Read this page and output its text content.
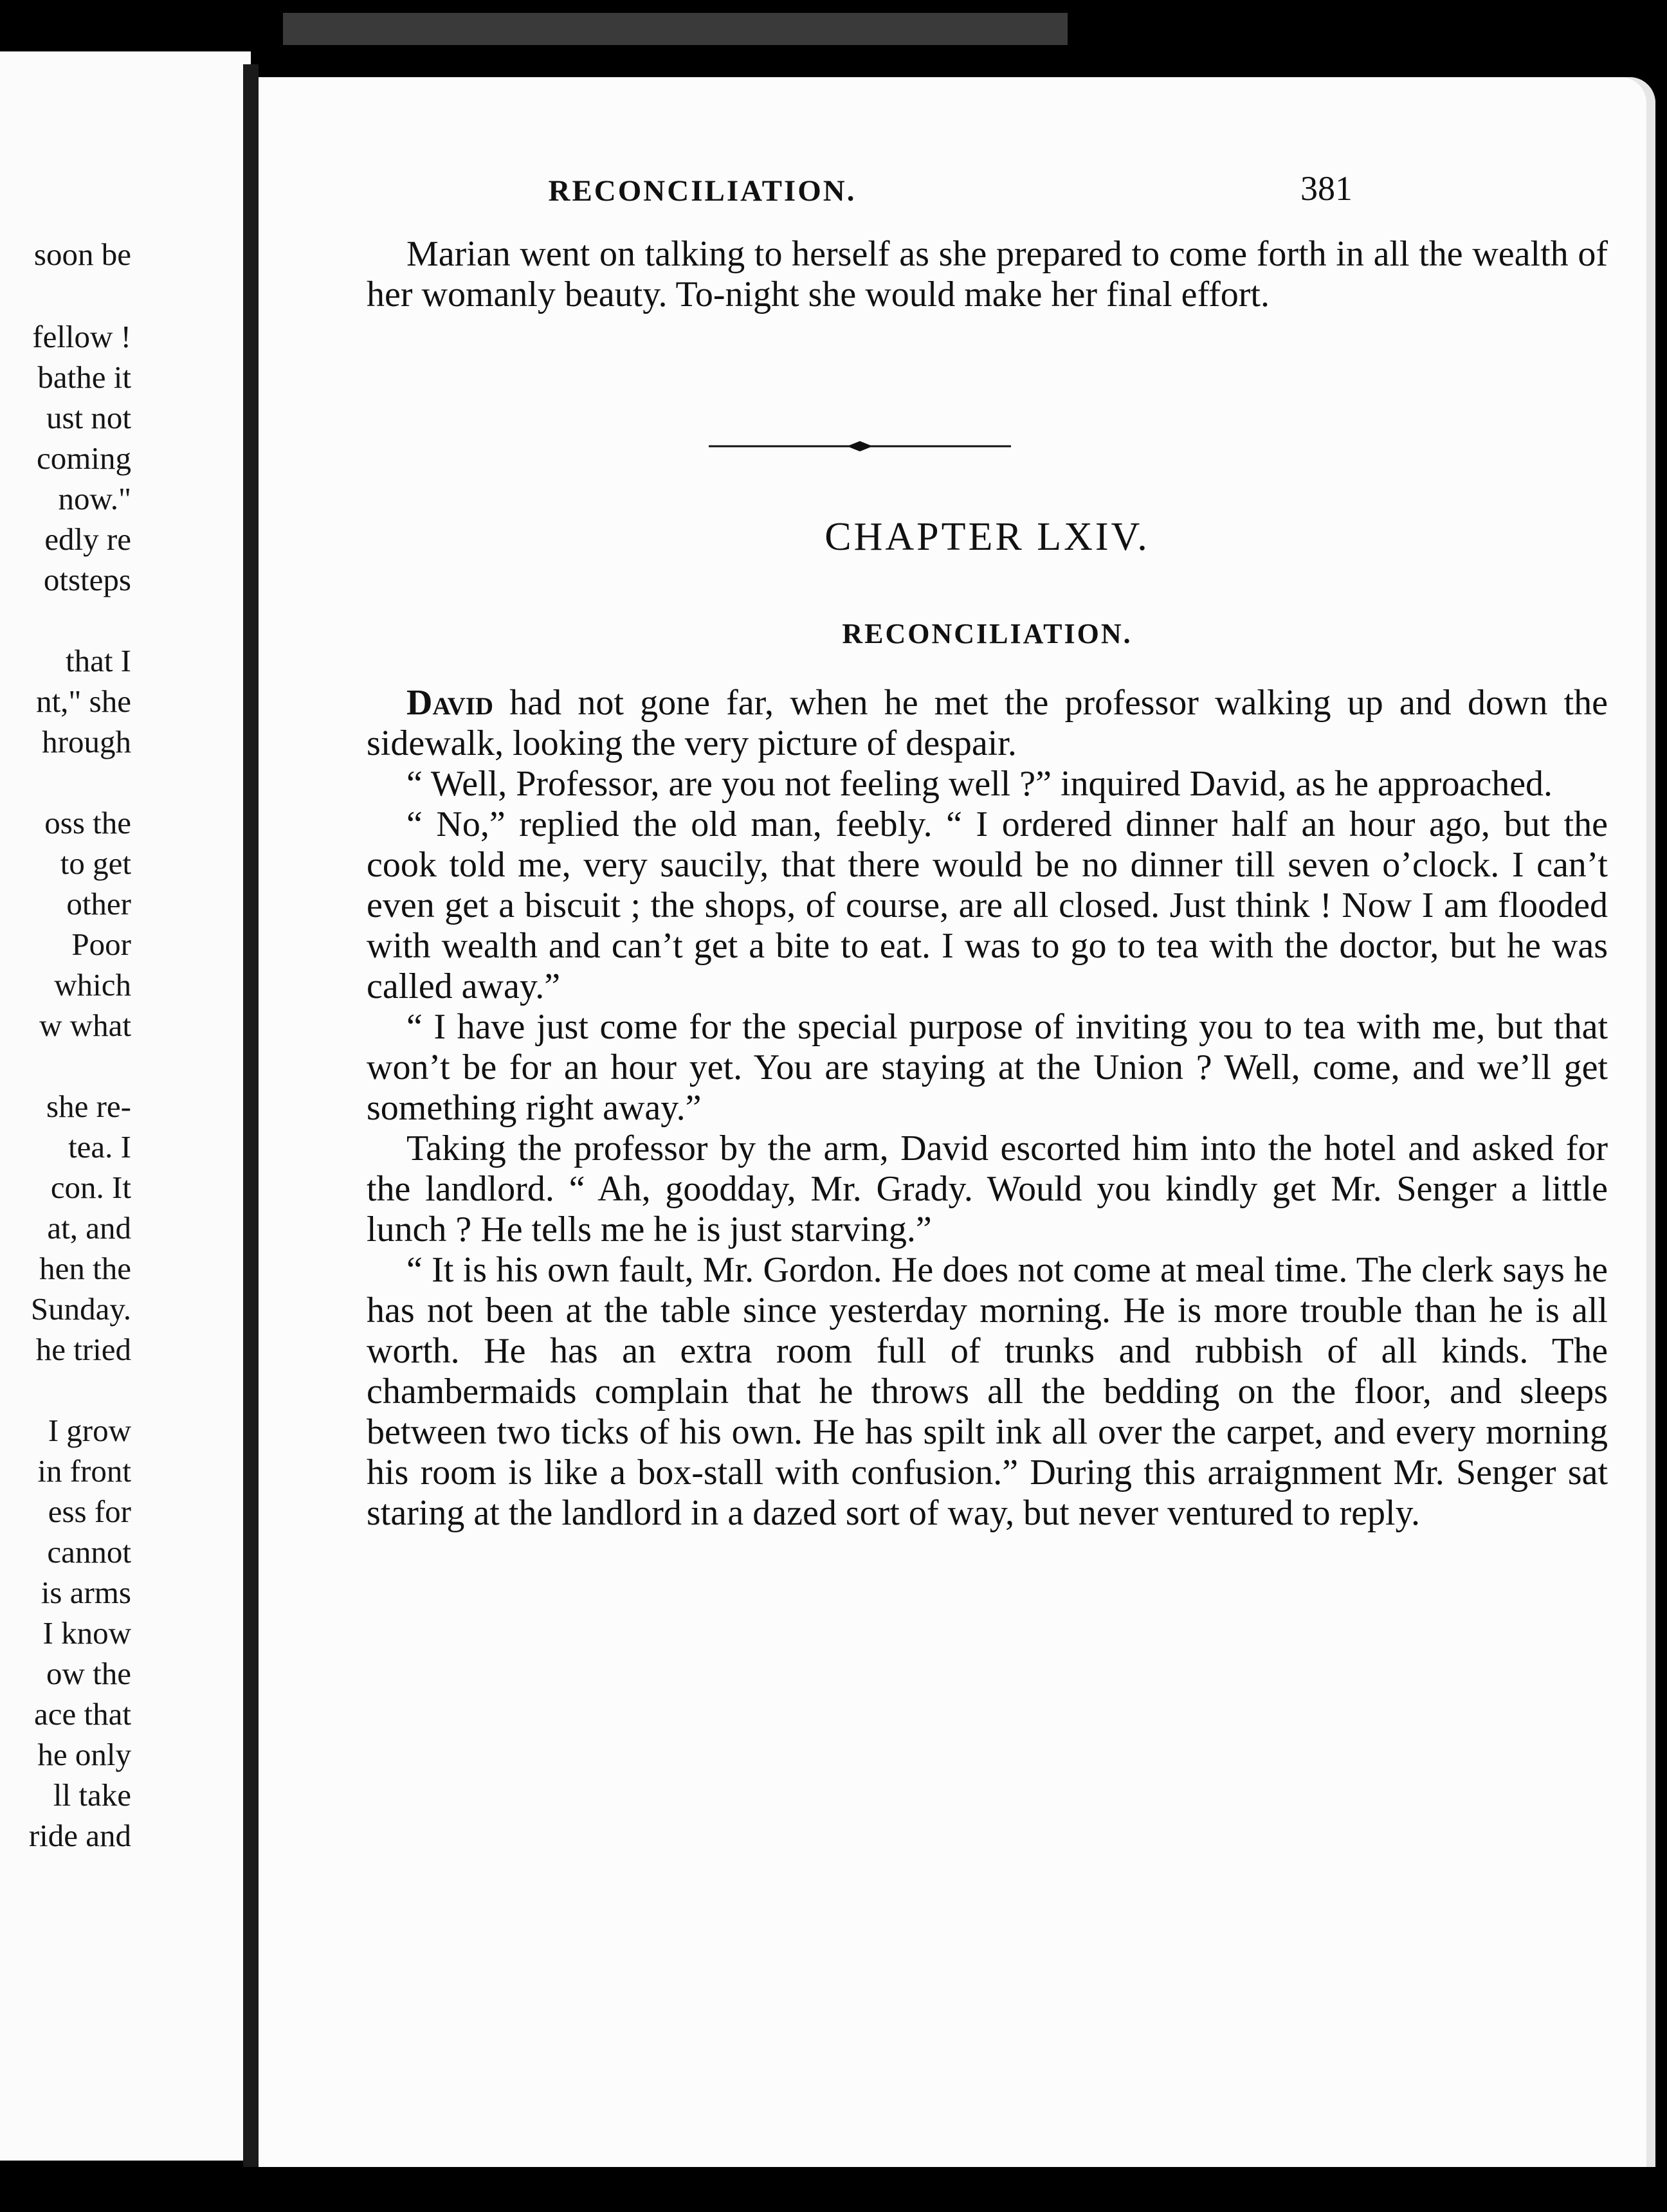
soon be
fellow !
bathe it
ust not
coming
now."
edly re
otsteps
that I
nt," she
hrough
oss the
to get
other
Poor
which
w what
she re-
tea. I
con. It
at, and
hen the
Sunday.
he tried
I grow
in front
ess for
cannot
is arms
I know
ow the
ace that
he only
ll take
ride and
RECONCILIATION.	381

Marian went on talking to herself as she prepared to come forth in all the wealth of her womanly beauty. To-night she would make her final effort.

CHAPTER LXIV.
RECONCILIATION.

David had not gone far, when he met the professor walking up and down the sidewalk, looking the very picture of despair.

“ Well, Professor, are you not feeling well ?” inquired David, as he approached.

“ No,” replied the old man, feebly. “ I ordered dinner half an hour ago, but the cook told me, very saucily, that there would be no dinner till seven o’clock. I can’t even get a biscuit ; the shops, of course, are all closed. Just think ! Now I am flooded with wealth and can’t get a bite to eat. I was to go to tea with the doctor, but he was called away.”

“ I have just come for the special purpose of inviting you to tea with me, but that won’t be for an hour yet. You are staying at the Union ? Well, come, and we’ll get something right away.”

Taking the professor by the arm, David escorted him into the hotel and asked for the landlord. “ Ah, goodday, Mr. Grady. Would you kindly get Mr. Senger a little lunch ? He tells me he is just starving.”

“ It is his own fault, Mr. Gordon. He does not come at meal time. The clerk says he has not been at the table since yesterday morning. He is more trouble than he is all worth. He has an extra room full of trunks and rubbish of all kinds. The chambermaids complain that he throws all the bedding on the floor, and sleeps between two ticks of his own. He has spilt ink all over the carpet, and every morning his room is like a box-stall with confusion.” During this arraignment Mr. Senger sat staring at the landlord in a dazed sort of way, but never ventured to reply.
